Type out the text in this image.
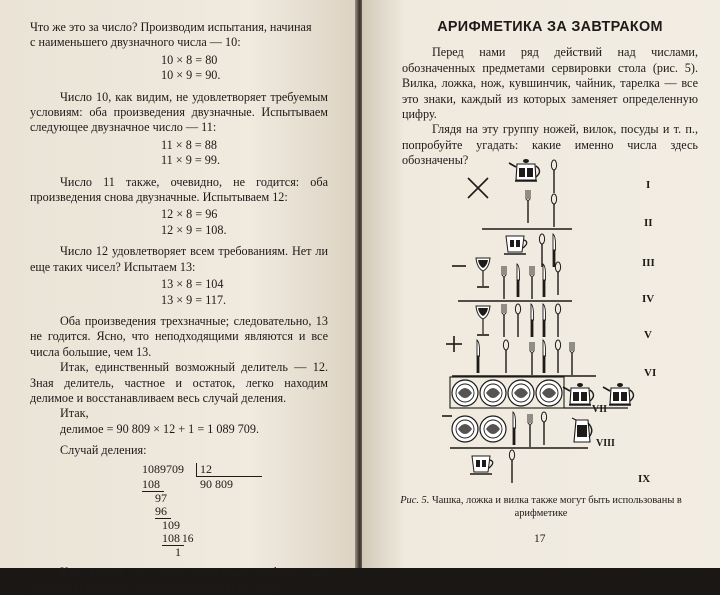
Что же это за число? Производим испытания, начиная
с наименьшего двузначного числа — 10:

10 × 8 = 80
10 × 9 = 90.

Число 10, как видим, не удовлетворяет требуемым условиям: оба произведения двузначные. Испытываем следующее двузначное число — 11:

11 × 8 = 88
11 × 9 = 99.

Число 11 также, очевидно, не годится: оба произведения снова двузначные. Испытываем 12:

12 × 8 = 96
12 × 9 = 108.

Число 12 удовлетворяет всем требованиям. Нет ли еще таких чисел? Испытаем 13:

13 × 8 = 104
13 × 9 = 117.

Оба произведения трехзначные; следовательно, 13 не годится. Ясно, что неподходящими являются и все числа большие, чем 13.

Итак, единственный возможный делитель — 12. Зная делитель, частное и остаток, легко находим делимое и восстанавливаем весь случай деления.

Итак,

делимое = 90 809 × 12 + 1 = 1 089 709.

Случай деления:

1089709 12
90 809
108
97
96
109
108
1

Как видим, по двум известным цифрам нам удалось установить смысл 26 неизвестных цифр.

16
АРИФМЕТИКА ЗА ЗАВТРАКОМ

Перед нами ряд действий над числами, обозначенных предметами сервировки стола (рис. 5). Вилка, ложка, нож, кувшинчик, чайник, тарелка — все это знаки, каждый из которых заменяет определенную цифру.

Глядя на эту группу ножей, вилок, посуды и т. п., попробуйте угадать: какие именно числа здесь обозначены?

I
II
III
IV
V
VI
VII
VIII
IX
Рис. 5. Чашка, ложка и вилка также могут быть использованы в арифметике
17
